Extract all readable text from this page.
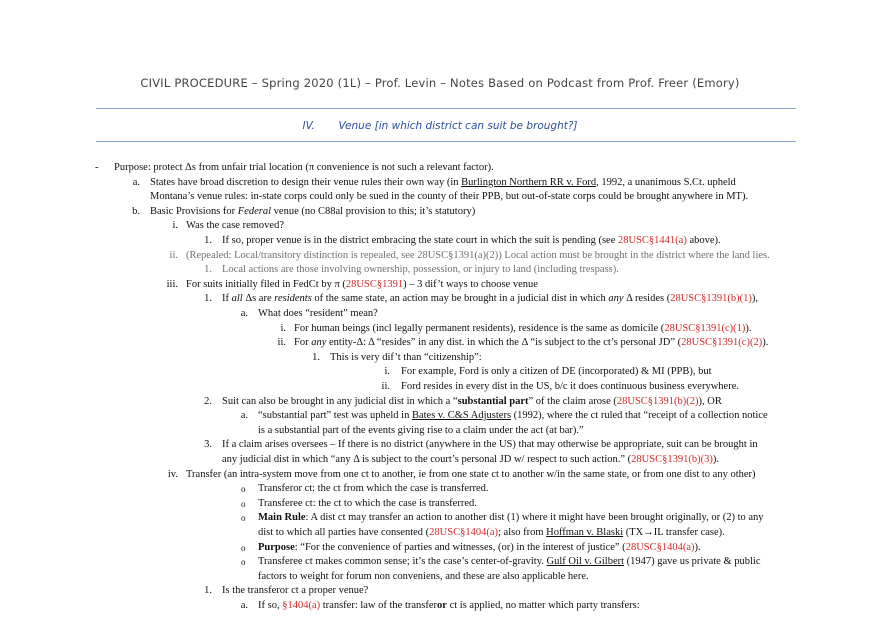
CIVIL PROCEDURE – Spring 2020 (1L) – Prof. Levin – Notes Based on Podcast from Prof. Freer (Emory)
IV. Venue [in which district can suit be brought?]
-	Purpose: protect Δs from unfair trial location (π convenience is not such a relevant factor).
a. States have broad discretion to design their venue rules their own way (in Burlington Northern RR v. Ford, 1992, a unanimous S.Ct. upheld
Montana’s venue rules: in-state corps could only be sued in the county of their PPB, but out-of-state corps could be brought anywhere in MT).
b. Basic Provisions for Federal venue (no C88al provision to this; it’s statutory)
i. Was the case removed?
1. If so, proper venue is in the district embracing the state court in which the suit is pending (see 28USC§1441(a) above).
ii. (Repealed: Local/transitory distinction is repealed, see 28USC§1391(a)(2)) Local action must be brought in the district where the land lies.
1. Local actions are those involving ownership, possession, or injury to land (including trespass).
iii. For suits initially filed in FedCt by π (28USC§1391) – 3 dif’t ways to choose venue
1. If all Δs are residents of the same state, an action may be brought in a judicial dist in which any Δ resides (28USC§1391(b)(1)),
a. What does “resident” mean?
i. For human beings (incl legally permanent residents), residence is the same as domicile (28USC§1391(c)(1)).
ii. For any entity-Δ: Δ “resides” in any dist. in which the Δ “is subject to the ct’s personal JD” (28USC§1391(c)(2)).
1. This is very dif’t than “citizenship”:
i. For example, Ford is only a citizen of DE (incorporated) & MI (PPB), but
ii. Ford resides in every dist in the US, b/c it does continuous business everywhere.
2. Suit can also be brought in any judicial dist in which a “substantial part” of the claim arose (28USC§1391(b)(2)), OR
a. “substantial part” test was upheld in Bates v. C&S Adjusters (1992), where the ct ruled that “receipt of a collection notice
is a substantial part of the events giving rise to a claim under the act (at bar).”
3. If a claim arises oversees – If there is no district (anywhere in the US) that may otherwise be appropriate, suit can be brought in
any judicial dist in which “any Δ is subject to the court’s personal JD w/ respect to such action.” (28USC§1391(b)(3)).
iv. Transfer (an intra-system move from one ct to another, ie from one state ct to another w/in the same state, or from one dist to any other)
o Transferor ct: the ct from which the case is transferred.
o Transferee ct: the ct to which the case is transferred.
o Main Rule: A dist ct may transfer an action to another dist (1) where it might have been brought originally, or (2) to any
dist to which all parties have consented (28USC§1404(a); also from Hoffman v. Blaski (TX→IL transfer case).
o Purpose: “For the convenience of parties and witnesses, (or) in the interest of justice” (28USC§1404(a)).
o Transferee ct makes common sense; it’s the case’s center-of-gravity. Gulf Oil v. Gilbert (1947) gave us private & public
factors to weight for forum non conveniens, and these are also applicable here.
1. Is the transferor ct a proper venue?
a. If so, §1404(a) transfer: law of the transferor ct is applied, no matter which party transfers:
